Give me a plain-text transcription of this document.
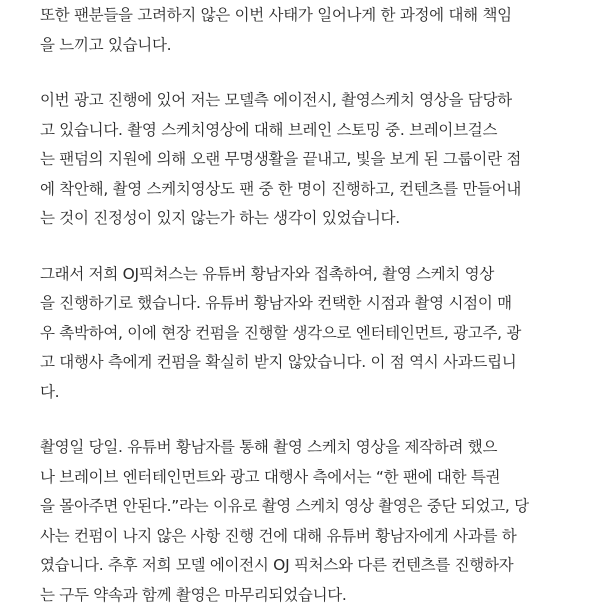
또한 팬분들을 고려하지 않은 이번 사태가 일어나게 한 과정에 대해 책임
을 느끼고 있습니다.
이번 광고 진행에 있어 저는 모델측 에이전시, 촬영스케치 영상을 담당하
고 있습니다. 촬영 스케치영상에 대해 브레인 스토밍 중. 브레이브걸스
는 팬덤의 지원에 의해 오랜 무명생활을 끝내고, 빛을 보게 된 그룹이란 점
에 착안해, 촬영 스케치영상도 팬 중 한 명이 진행하고, 컨텐츠를 만들어내
는 것이 진정성이 있지 않는가 하는 생각이 있었습니다.
그래서 저희 OJ픽쳐스는 유튜버 황남자와 접촉하여, 촬영 스케치 영상
을 진행하기로 했습니다. 유튜버 황남자와 컨택한 시점과 촬영 시점이 매
우 촉박하여, 이에 현장 컨펌을 진행할 생각으로 엔터테인먼트, 광고주, 광
고 대행사 측에게 컨펌을 확실히 받지 않았습니다. 이 점 역시 사과드립니
다.
촬영일 당일. 유튜버 황남자를 통해 촬영 스케치 영상을 제작하려 했으
나 브레이브 엔터테인먼트와 광고 대행사 측에서는 “한 팬에 대한 특권
을 몰아주면 안된다.”라는 이유로 촬영 스케치 영상 촬영은 중단 되었고, 당
사는 컨펌이 나지 않은 사항 진행 건에 대해 유튜버 황남자에게 사과를 하
였습니다. 추후 저희 모델 에이전시 OJ 픽처스와 다른 컨텐츠를 진행하자
는 구두 약속과 함께 촬영은 마무리되었습니다.
